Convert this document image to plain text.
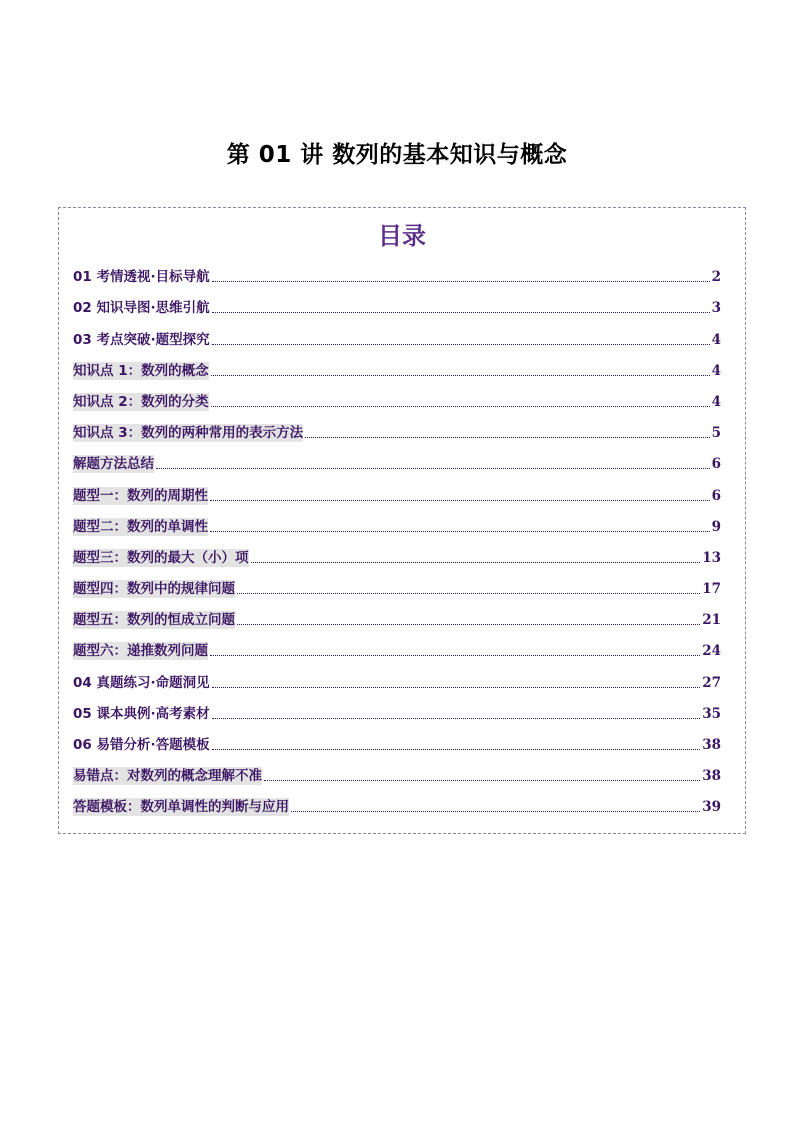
第 01 讲 数列的基本知识与概念
目录
01 考情透视·目标导航	2
02 知识导图·思维引航	3
03 考点突破·题型探究	4
知识点 1：数列的概念	4
知识点 2：数列的分类	4
知识点 3：数列的两种常用的表示方法	5
解题方法总结	6
题型一：数列的周期性	6
题型二：数列的单调性	9
题型三：数列的最大（小）项	13
题型四：数列中的规律问题	17
题型五：数列的恒成立问题	21
题型六：递推数列问题	24
04 真题练习·命题洞见	27
05 课本典例·高考素材	35
06 易错分析·答题模板	38
易错点：对数列的概念理解不准	38
答题模板：数列单调性的判断与应用	39
